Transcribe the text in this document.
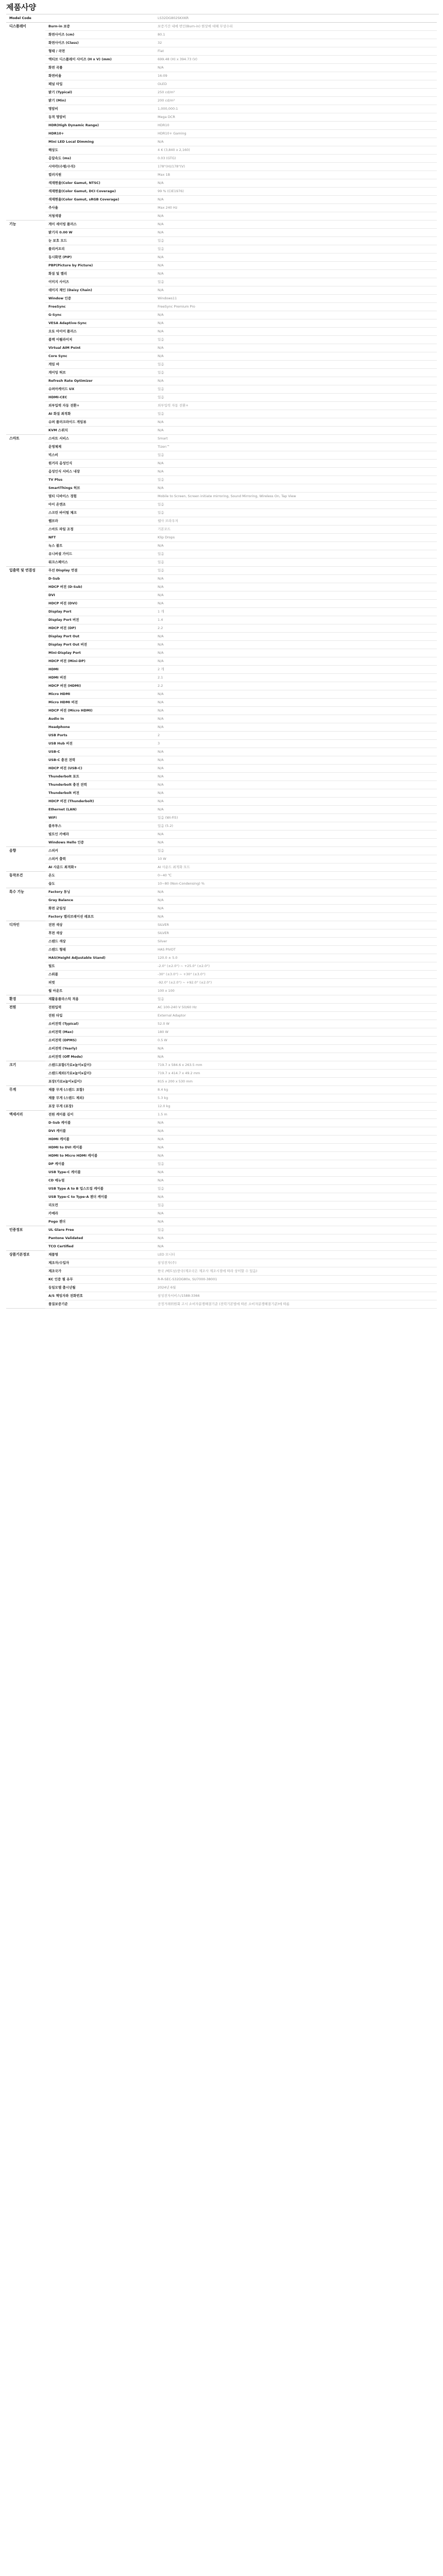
제품사양
Model Code		LS32DG802SKXKR
디스플레이	Burn-in 보증	보증기간 내에 번인(Burn-in) 현상에 대해 무상수리
	화면사이즈 (cm)	80.1
	화면사이즈 (Class)	32
	형태 / 곡면	Flat
	액티브 디스플레이 사이즈 (H x V) (mm)	699.48 (H) x 394.73 (V)
	화면 곡률	N/A
	화면비율	16:09
	패널 타입	OLED
	밝기 (Typical)	250 cd/m²
	밝기 (Min)	200 cd/m²
	명암비	1,000,000:1
	동적 명암비	Mega DCR
	HDR(High Dynamic Range)	HDR10
	HDR10+	HDR10+ Gaming
	Mini LED Local Dimming	N/A
	해상도	4 K (3,840 x 2,160)
	응답속도 (ms)	0.03 (GTG)
	시야각(수평/수직)	178°(H)/178°(V)
	컬러지원	Max 1B
	색재현율(Color Gamut, NTSC)	N/A
	색재현율(Color Gamut, DCI Coverage)	99 % (CIE1976)
	색재현율(Color Gamut, sRGB Coverage)	N/A
	주사율	Max 240 Hz
	저청색광	N/A
기능	게이 세이빙 플러스	N/A
	밝기자 0.00 W	N/A
	눈 보호 모드	있음
	플리커프리	있음
	동시화면 (PIP)	N/A
	PBP(Picture by Picture)	N/A
	화질 및 켈리	N/A
	이미지 사이즈	있음
	데이지 체인 (Daisy Chain)	N/A
	Window 인증	Windows11
	FreeSync	FreeSync Premium Pro
	G-Sync	N/A
	VESA Adaptive-Sync	N/A
	오토 아이어 플러스	N/A
	블랙 이퀄라이저	있음
	Virtual AIM Point	N/A
	Core Sync	N/A
	게임 바	있음
	게이밍 허브	있음
	Refresh Rate Optimizer	N/A
	슈퍼아케이드 UX	있음
	HDMI-CEC	있음
	외부입력 자동 전환+	외부입력 자동 전환+
	AI 화질 최적화	있음
	슈퍼 플러크라이드 게임뷰	N/A
	KVM 스위치	N/A
스마트	스마트 서비스	Smart
	운영체제	Tizen™
	빅스비	있음
	원거리 음성인식	N/A
	음성인식 서비스 내장	N/A
	TV Plus	있음
	SmartThings 허브	N/A
	멀티 디바이스 경험	Mobile to Screen, Screen initiate mirroring, Sound Mirroring, Wireless On, Tap View
	아이 온엔조	있음
	스크린 바이럴 체크	있음
	웹브라	웹사 브라우저
	스마트 파일 조정	기본모드
	NFT	Klip Drops
	녹스 볼트	N/A
	유니버셜 가이드	있음
	워크스페이스	있음
입출력 및 연결성	무선 Display 연결	있음
	D-Sub	N/A
	HDCP 버전 (D-Sub)	N/A
	DVI	N/A
	HDCP 버전 (DVI)	N/A
	Display Port	1 개
	Display Port 버전	1.4
	HDCP 버전 (DP)	2.2
	Display Port Out	N/A
	Display Port Out 버전	N/A
	Mini-Display Port	N/A
	HDCP 버전 (Mini-DP)	N/A
	HDMI	2 개
	HDMI 버전	2.1
	HDCP 버전 (HDMI)	2.2
	Micro HDMI	N/A
	Micro HDMI 버전	N/A
	HDCP 버전 (Micro HDMI)	N/A
	Audio In	N/A
	Headphone	N/A
	USB Ports	2
	USB Hub 버전	3
	USB-C	N/A
	USB-C 충전 전력	N/A
	HDCP 버전 (USB-C)	N/A
	Thunderbolt 포트	N/A
	Thunderbolt 충전 전력	N/A
	Thunderbolt 버전	N/A
	HDCP 버전 (Thunderbolt)	N/A
	Ethernet (LAN)	N/A
	WiFi	있음 (Wi-Fi5)
	블루투스	있음 (5.2)
	빌트인 카메라	N/A
	Windows Hello 인증	N/A
음향	스피커	있음
	스피커 출력	10 W
	AI 사운드 최적화+	AI 사운드 최적화 모드
동작조건	온도	0~40 ℃
	습도	10~80 (Non-Condensing) %
특수 기능	Factory 튜닝	N/A
	Gray Balance	N/A
	화면 균일성	N/A
	Factory 캘리브레이션 레포트	N/A
디자인	전면 색상	SILVER
	후면 색상	SILVER
	스탠드 색상	Silver
	스탠드 형태	HAS PIVOT
	HAS(Height Adjustable Stand)	120.0 ± 5.0
	틸트	-2.0° (±2.0°) ~ +25.0° (±2.0°)
	스위블	-30° (±3.0°) ~ +30° (±3.0°)
	피벗	-92.0° (±2.0°) ~ +92.0° (±2.0°)
	월 마운트	100 x 100
환경	재활용플라스틱 적용	있음
전원	전원입력	AC 100-240 V 50/60 Hz
	전원 타입	External Adaptor
	소비전력 (Typical)	52.0 W
	소비전력 (Max)	180 W
	소비전력 (DPMS)	0.5 W
	소비전력 (Yearly)	N/A
	소비전력 (Off Mode)	N/A
크기	스탠드포함(가로x높이x깊이)	719.7 x 584.6 x 263.5 mm
	스탠드제외(가로x높이x깊이)	719.7 x 414.7 x 49.2 mm
	포장(가로x높이x깊이)	815 x 200 x 530 mm
무게	제품 무게 (스탠드 포함)	8.4 kg
	제품 무게 (스탠드 제외)	5.3 kg
	포장 무게 (포장)	12.0 kg
액세서리	전원 케이블 길이	1.5 m
	D-Sub 케이블	N/A
	DVI 케이블	N/A
	HDMI 케이블	N/A
	HDMI to DVI 케이블	N/A
	HDMI to Micro HDMI 케이블	N/A
	DP 케이블	있음
	USB Type-C 케이블	N/A
	CD 매뉴얼	N/A
	USB Type A to B 업스트림 케이블	있음
	USB Type-C to Type-A 젠더 케이블	N/A
	리모컨	있음
	카메라	N/A
	Pogo 젠더	N/A
인증정보	UL Glare Free	있음
	Pantone Validated	N/A
	TCO Certified	N/A
상품기본정보	제품명	LED 모니터
	제조자/수입자	삼성전자(주)
	제조국가	한국 /베트남/중국(제조국은 제조사 제조시점에 따라 상이할 수 있음)
	KC 인증 필 유무	R-R-SEC-S32DG80x, SU7000-38001
	동일모델 출시년월	2024년 6월
	A/S 책임자와 전화번호	삼성전자서비스/1588-3366
	품질보증기준	공정거래위원회 고시 소비자분쟁해결기준 (전력기본법에 따른 소비자분쟁해결기준)에 따름
